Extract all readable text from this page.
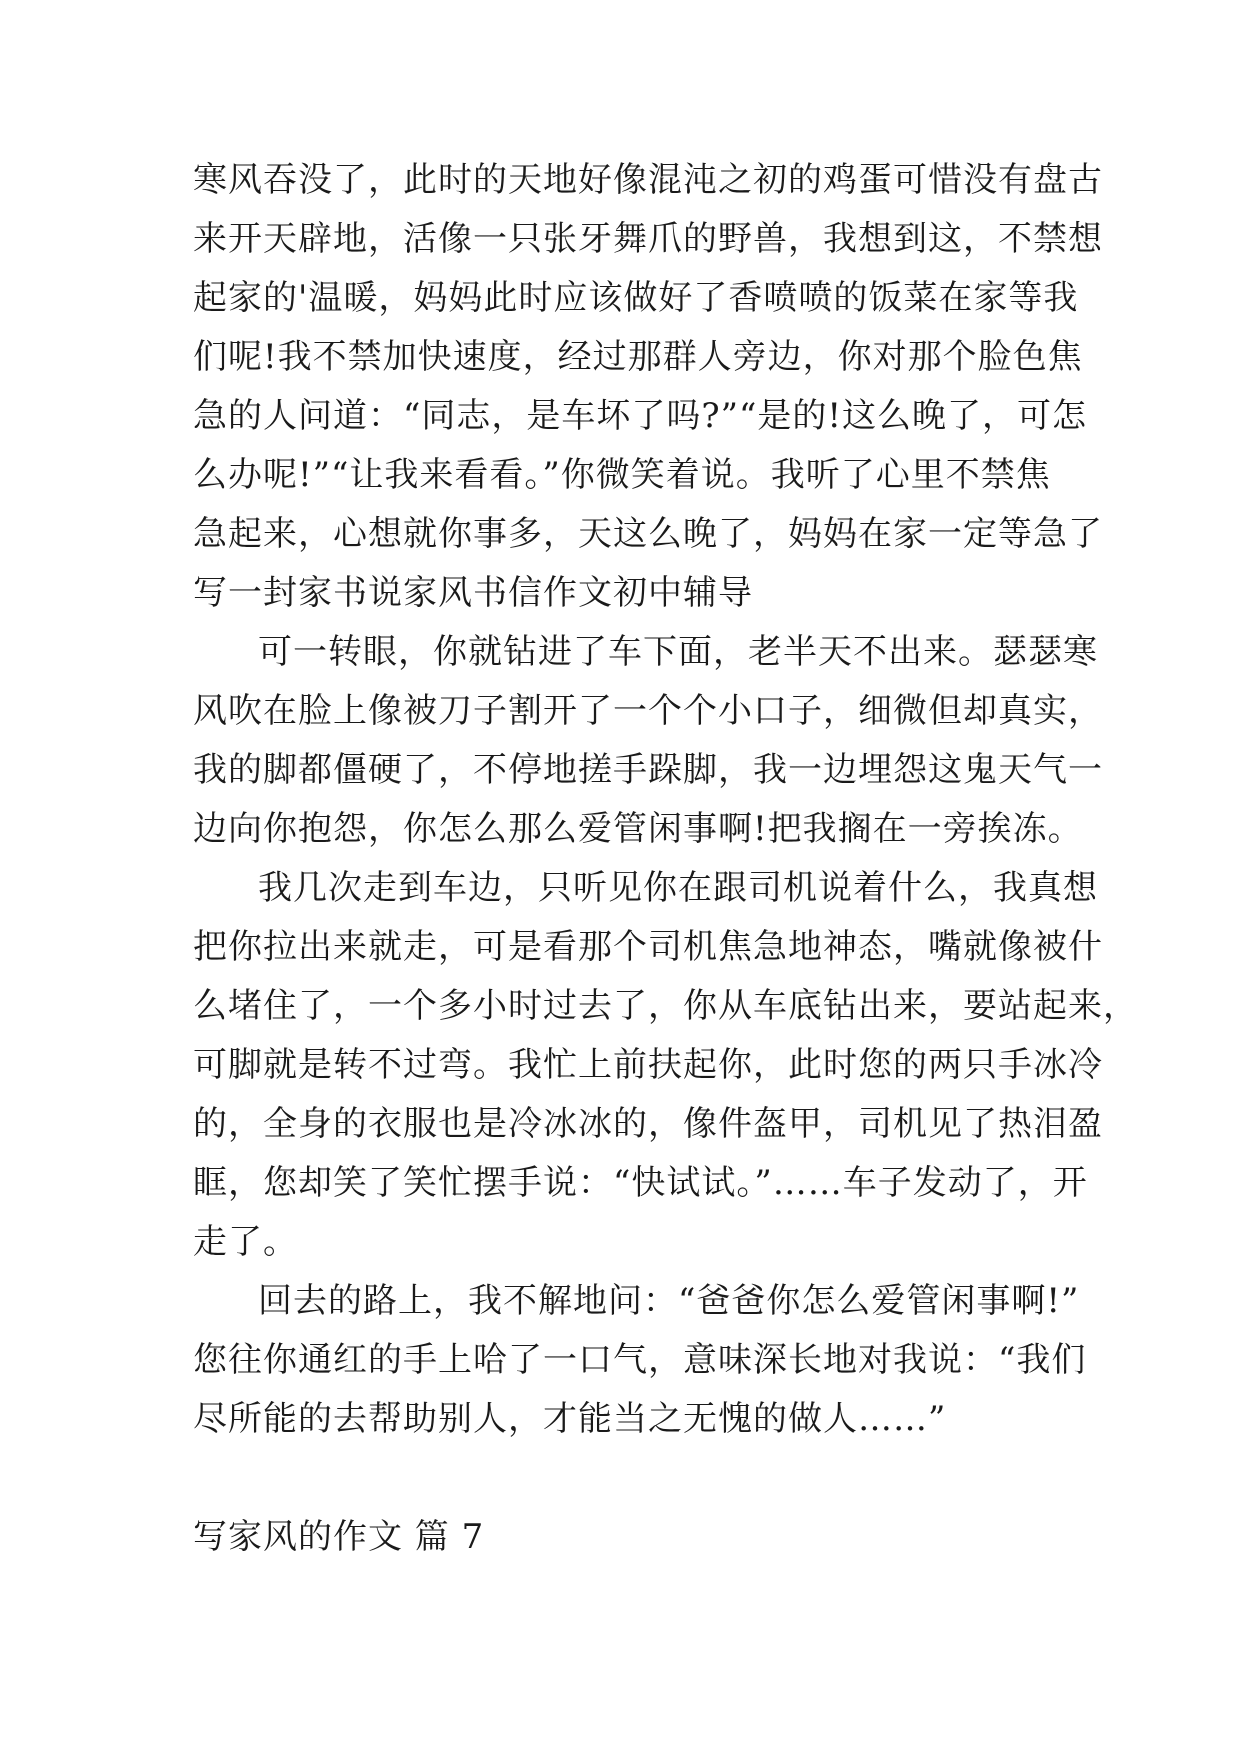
寒风吞没了，此时的天地好像混沌之初的鸡蛋可惜没有盘古
来开天辟地，活像一只张牙舞爪的野兽，我想到这，不禁想
起家的'温暖，妈妈此时应该做好了香喷喷的饭菜在家等我
们呢!我不禁加快速度，经过那群人旁边，你对那个脸色焦
急的人问道：“同志，是车坏了吗?”“是的!这么晚了，可怎
么办呢!”“让我来看看。”你微笑着说。我听了心里不禁焦
急起来，心想就你事多，天这么晚了，妈妈在家一定等急了
写一封家书说家风书信作文初中辅导
可一转眼，你就钻进了车下面，老半天不出来。瑟瑟寒
风吹在脸上像被刀子割开了一个个小口子，细微但却真实，
我的脚都僵硬了，不停地搓手跺脚，我一边埋怨这鬼天气一
边向你抱怨，你怎么那么爱管闲事啊!把我搁在一旁挨冻。
我几次走到车边，只听见你在跟司机说着什么，我真想
把你拉出来就走，可是看那个司机焦急地神态，嘴就像被什
么堵住了，一个多小时过去了，你从车底钻出来，要站起来，
可脚就是转不过弯。我忙上前扶起你，此时您的两只手冰冷
的，全身的衣服也是冷冰冰的，像件盔甲，司机见了热泪盈
眶，您却笑了笑忙摆手说：“快试试。”……车子发动了，开
走了。
回去的路上，我不解地问：“爸爸你怎么爱管闲事啊!”
您往你通红的手上哈了一口气，意味深长地对我说：“我们
尽所能的去帮助别人，才能当之无愧的做人……”
写家风的作文 篇 7
